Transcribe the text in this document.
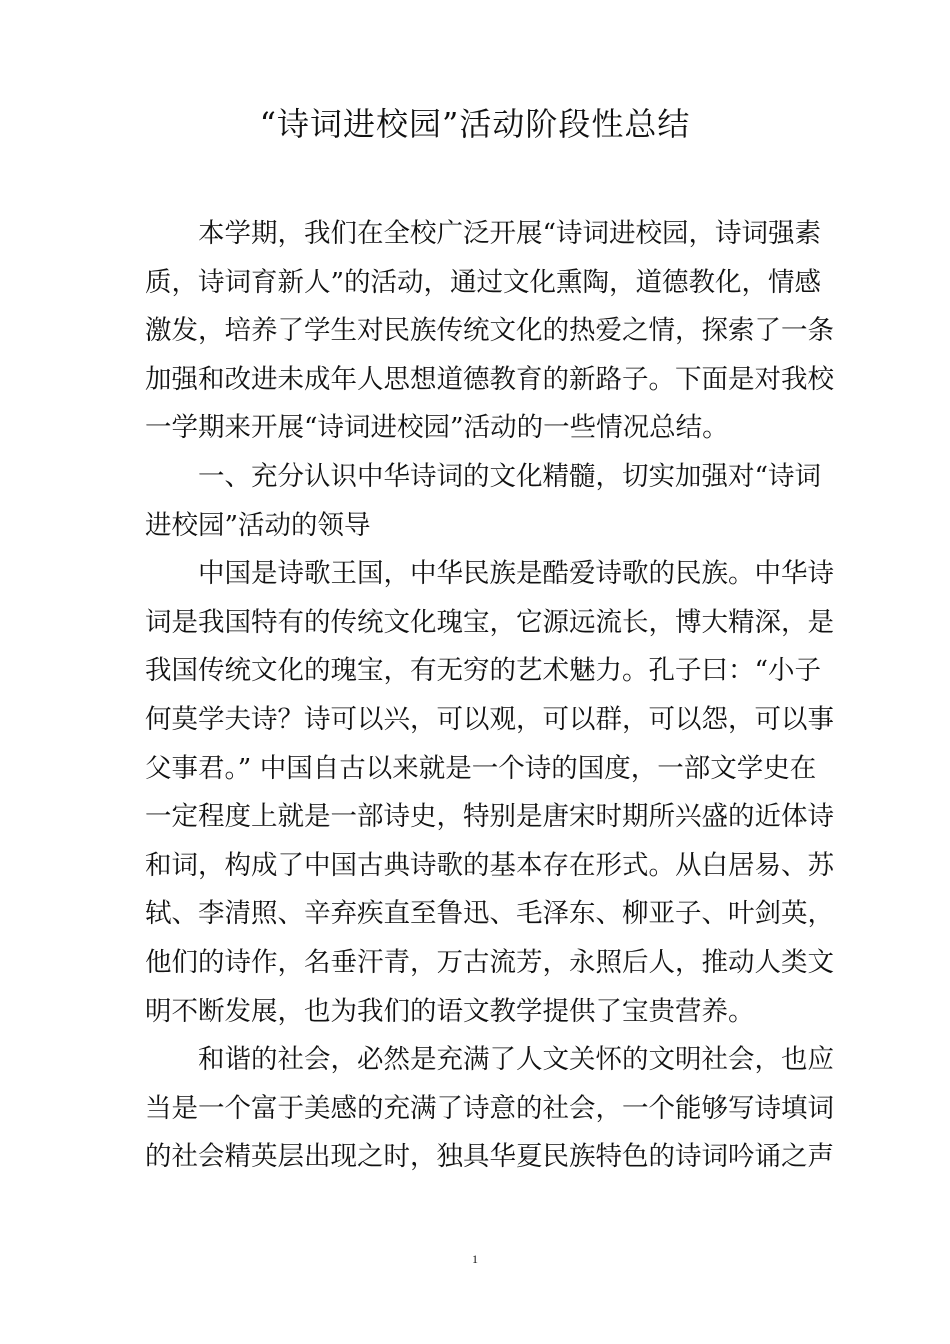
“诗词进校园”活动阶段性总结
　　本学期，我们在全校广泛开展“诗词进校园，诗词强素
质，诗词育新人”的活动，通过文化熏陶，道德教化，情感
激发，培养了学生对民族传统文化的热爱之情，探索了一条
加强和改进未成年人思想道德教育的新路子。下面是对我校
一学期来开展“诗词进校园”活动的一些情况总结。
　　一、充分认识中华诗词的文化精髓，切实加强对“诗词
进校园”活动的领导
　　中国是诗歌王国，中华民族是酷爱诗歌的民族。中华诗
词是我国特有的传统文化瑰宝，它源远流长，博大精深，是
我国传统文化的瑰宝，有无穷的艺术魅力。孔子曰：“小子
何莫学夫诗？诗可以兴，可以观，可以群，可以怨，可以事
父事君。” 中国自古以来就是一个诗的国度，一部文学史在
一定程度上就是一部诗史，特别是唐宋时期所兴盛的近体诗
和词，构成了中国古典诗歌的基本存在形式。从白居易、苏
轼、李清照、辛弃疾直至鲁迅、毛泽东、柳亚子、叶剑英，
他们的诗作，名垂汗青，万古流芳，永照后人，推动人类文
明不断发展，也为我们的语文教学提供了宝贵营养。
　　和谐的社会，必然是充满了人文关怀的文明社会，也应
当是一个富于美感的充满了诗意的社会，一个能够写诗填词
的社会精英层出现之时，独具华夏民族特色的诗词吟诵之声
1
